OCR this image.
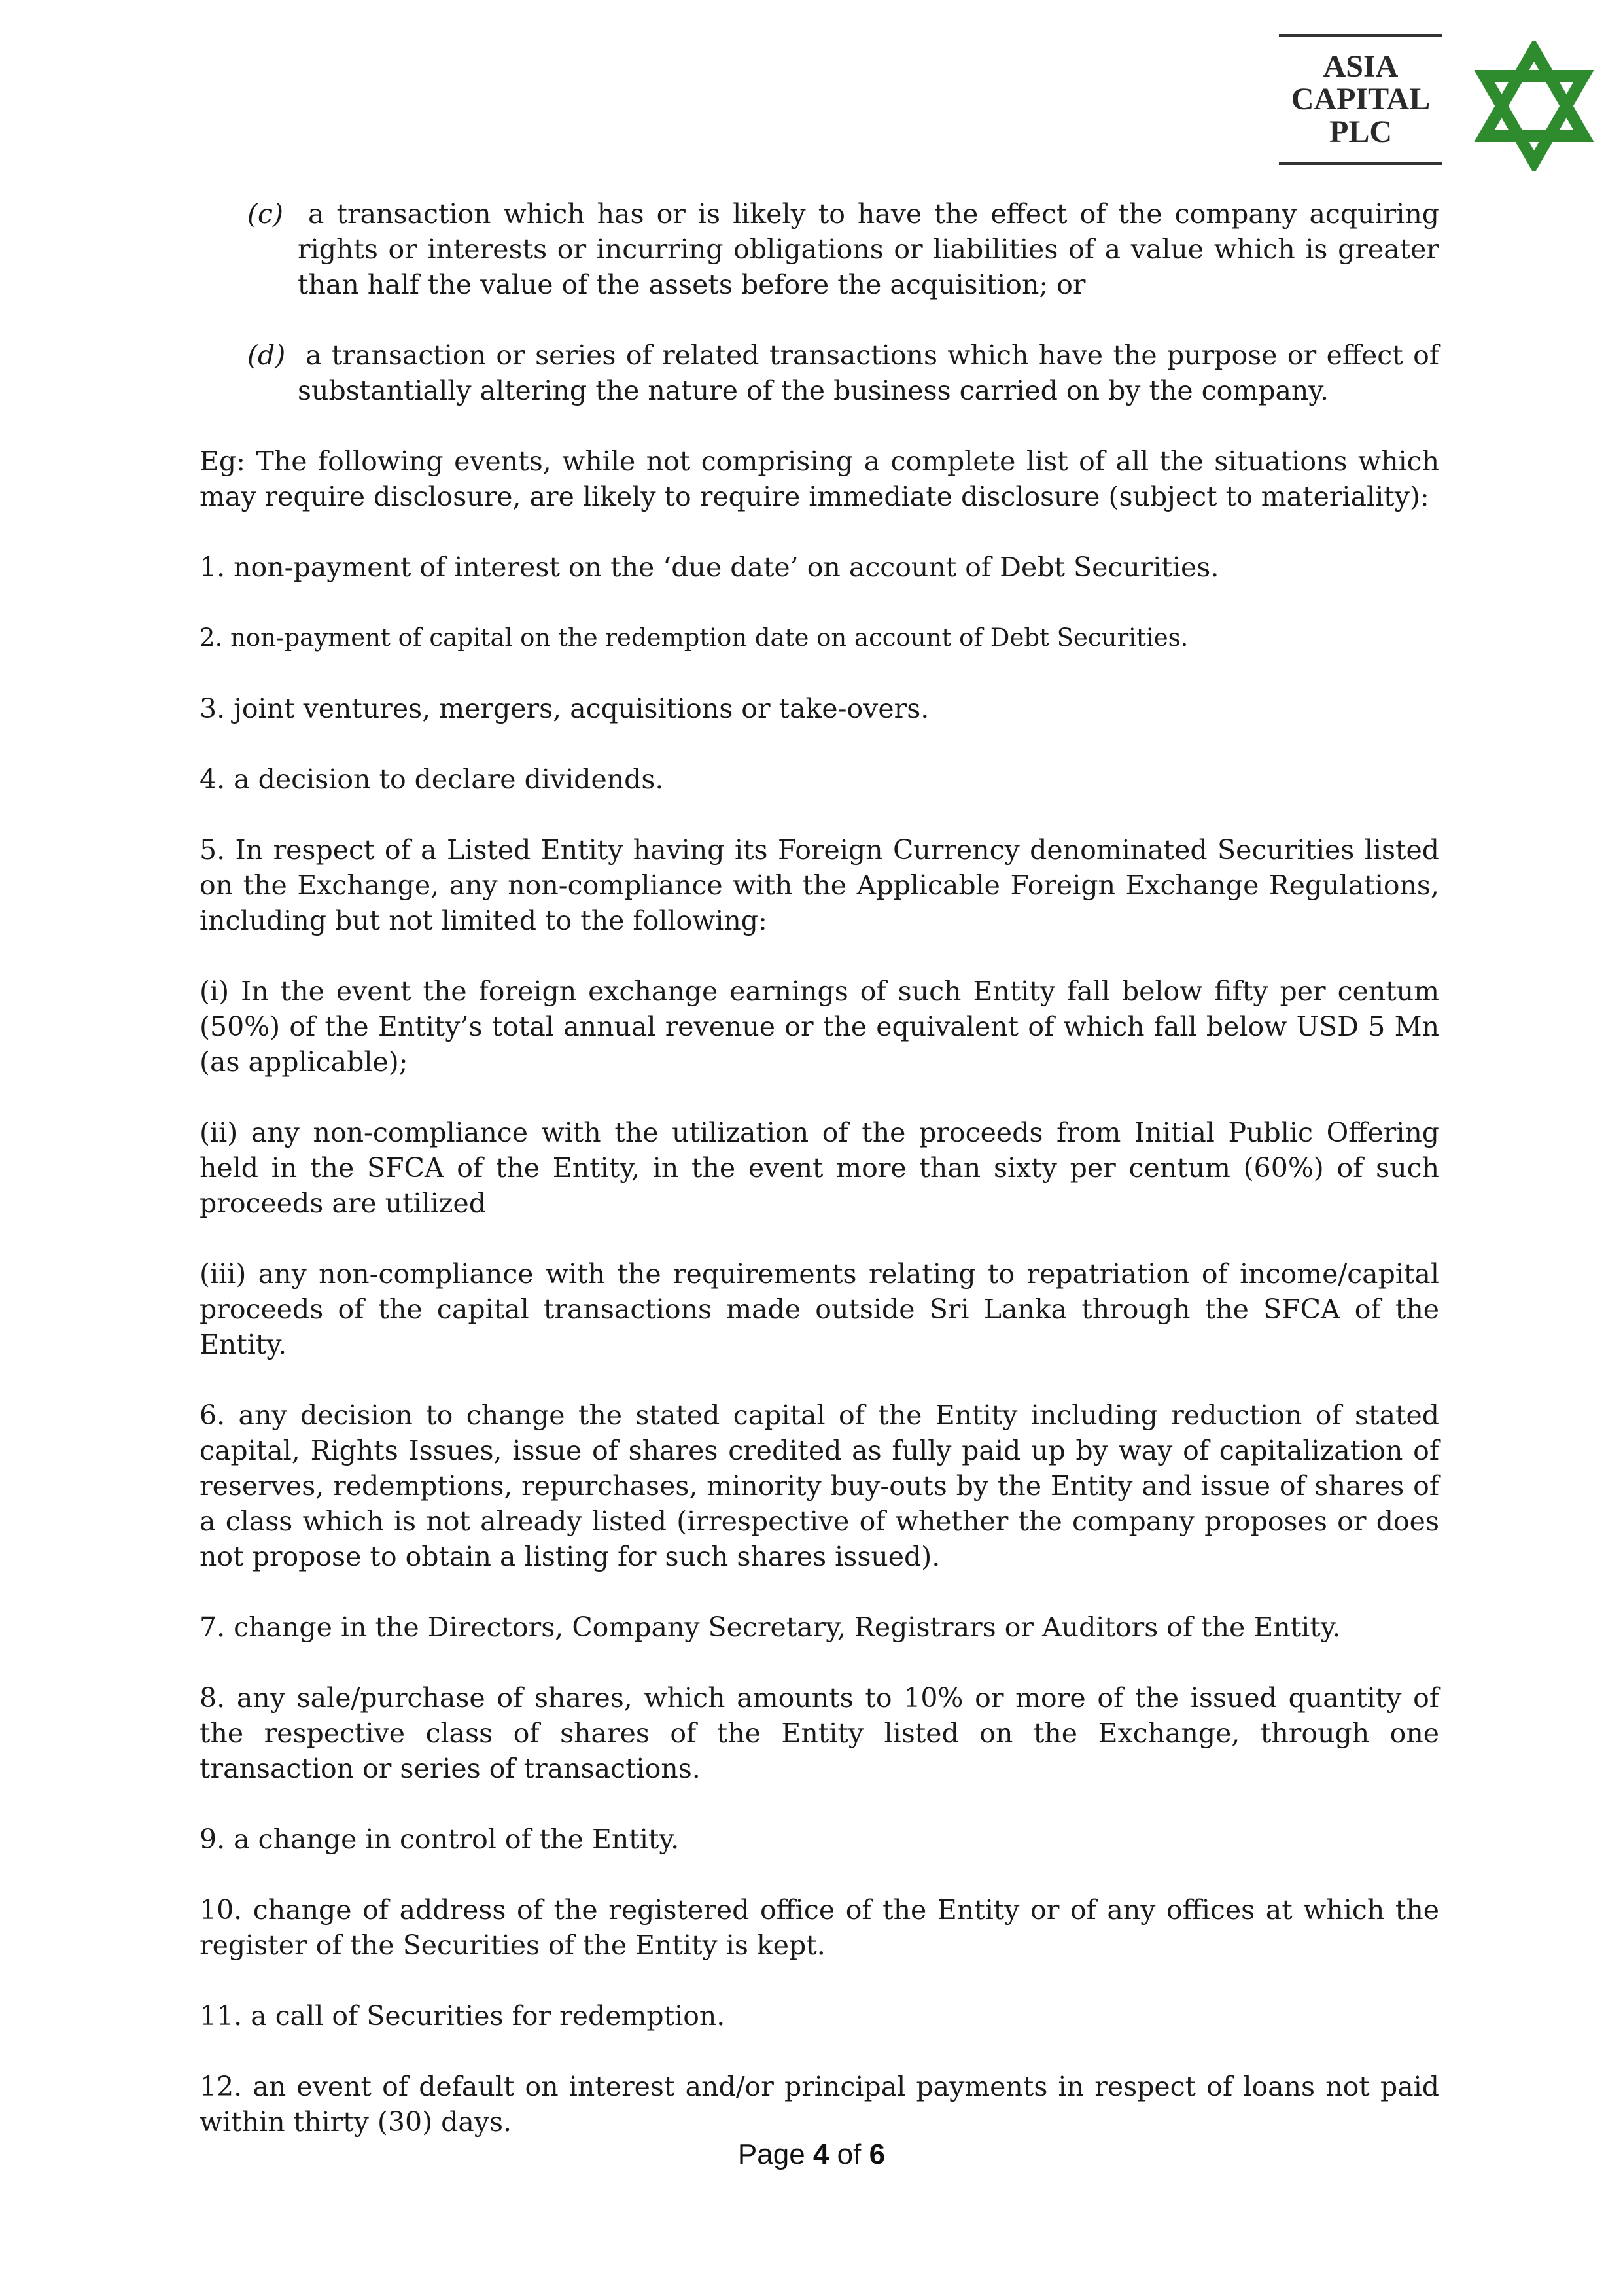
ASIA
CAPITAL
PLC

(c) a transaction which has or is likely to have the effect of the company acquiring rights or interests or incurring obligations or liabilities of a value which is greater than half the value of the assets before the acquisition; or

(d) a transaction or series of related transactions which have the purpose or effect of substantially altering the nature of the business carried on by the company.

Eg: The following events, while not comprising a complete list of all the situations which may require disclosure, are likely to require immediate disclosure (subject to materiality):

1. non-payment of interest on the ‘due date’ on account of Debt Securities.

2. non-payment of capital on the redemption date on account of Debt Securities.

3. joint ventures, mergers, acquisitions or take-overs.

4. a decision to declare dividends.

5. In respect of a Listed Entity having its Foreign Currency denominated Securities listed on the Exchange, any non-compliance with the Applicable Foreign Exchange Regulations, including but not limited to the following:

(i) In the event the foreign exchange earnings of such Entity fall below fifty per centum (50%) of the Entity’s total annual revenue or the equivalent of which fall below USD 5 Mn (as applicable);

(ii) any non-compliance with the utilization of the proceeds from Initial Public Offering held in the SFCA of the Entity, in the event more than sixty per centum (60%) of such proceeds are utilized

(iii) any non-compliance with the requirements relating to repatriation of income/capital proceeds of the capital transactions made outside Sri Lanka through the SFCA of the Entity.

6. any decision to change the stated capital of the Entity including reduction of stated capital, Rights Issues, issue of shares credited as fully paid up by way of capitalization of reserves, redemptions, repurchases, minority buy-outs by the Entity and issue of shares of a class which is not already listed (irrespective of whether the company proposes or does not propose to obtain a listing for such shares issued).

7. change in the Directors, Company Secretary, Registrars or Auditors of the Entity.

8. any sale/purchase of shares, which amounts to 10% or more of the issued quantity of the respective class of shares of the Entity listed on the Exchange, through one transaction or series of transactions.

9. a change in control of the Entity.

10. change of address of the registered office of the Entity or of any offices at which the register of the Securities of the Entity is kept.

11. a call of Securities for redemption.

12. an event of default on interest and/or principal payments in respect of loans not paid within thirty (30) days.

Page 4 of 6
